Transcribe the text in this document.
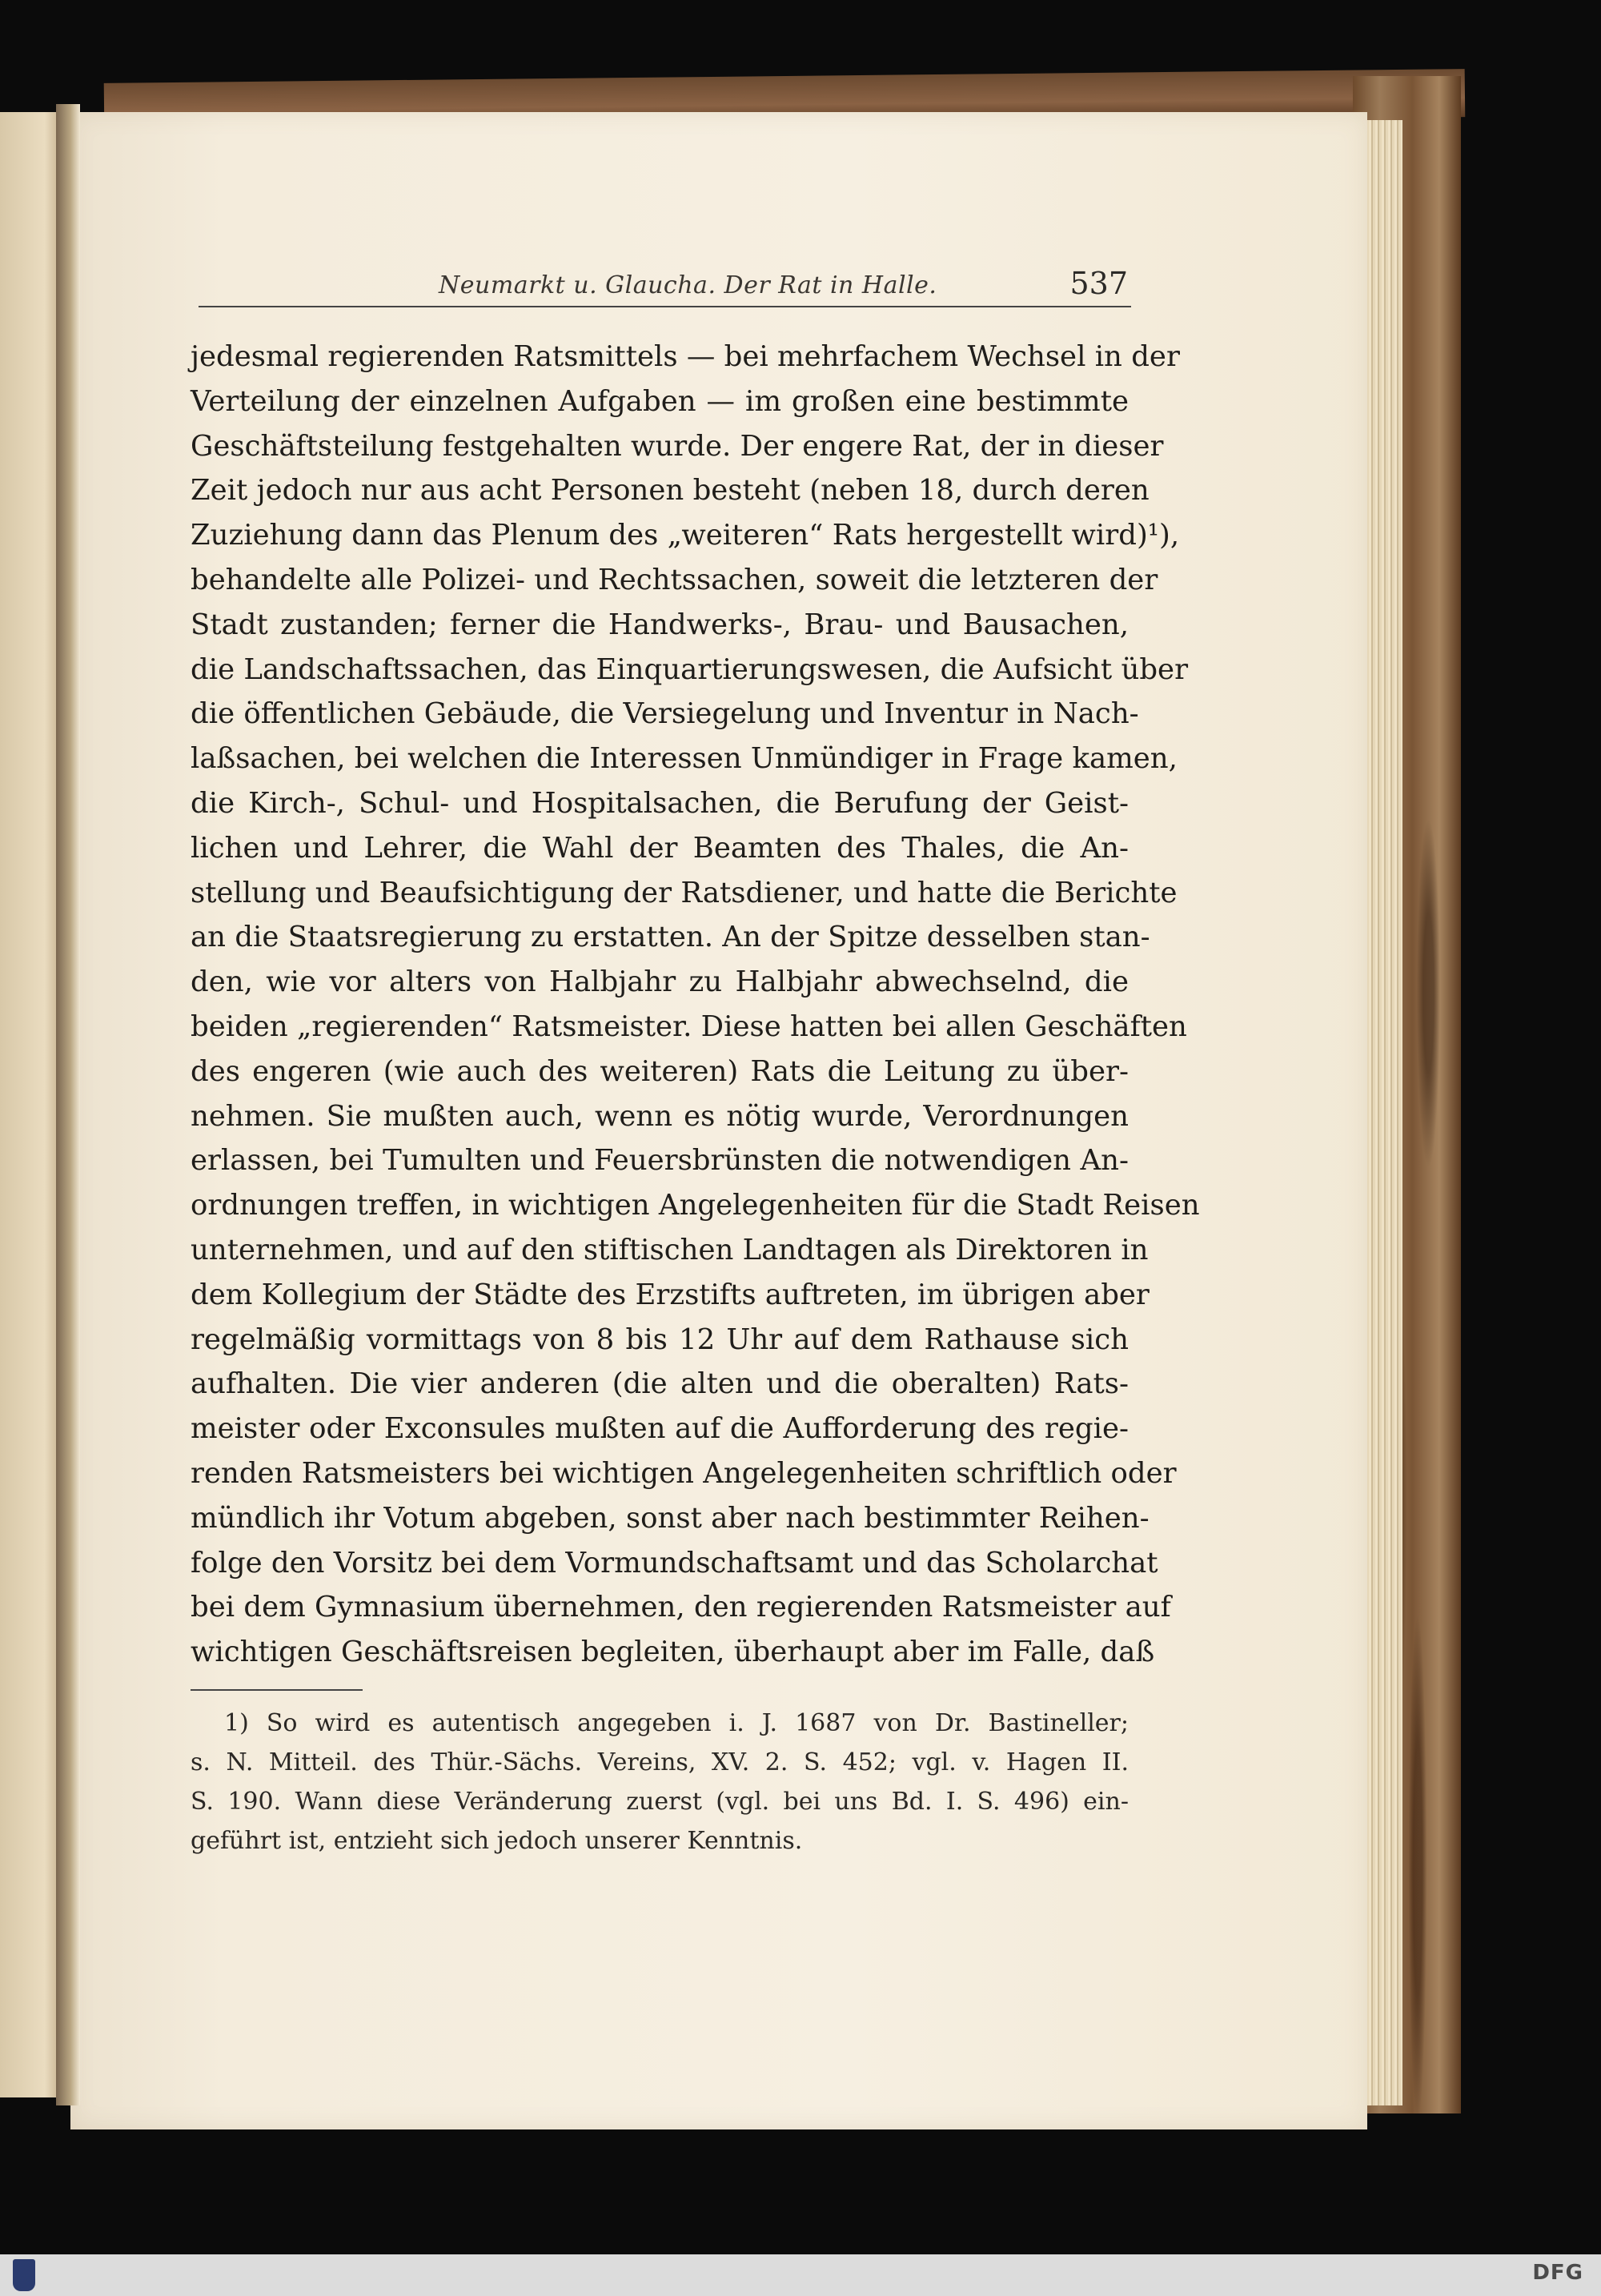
Neumarkt u. Glaucha. Der Rat in Halle.	537
jedesmal regierenden Ratsmittels — bei mehrfachem Wechsel in der
Verteilung der einzelnen Aufgaben — im großen eine bestimmte
Geschäftsteilung festgehalten wurde. Der engere Rat, der in dieser
Zeit jedoch nur aus acht Personen besteht (neben 18, durch deren
Zuziehung dann das Plenum des „weiteren“ Rats hergestellt wird)¹),
behandelte alle Polizei- und Rechtssachen, soweit die letzteren der
Stadt zustanden; ferner die Handwerks-, Brau- und Bausachen,
die Landschaftssachen, das Einquartierungswesen, die Aufsicht über
die öffentlichen Gebäude, die Versiegelung und Inventur in Nach-
laßsachen, bei welchen die Interessen Unmündiger in Frage kamen,
die Kirch-, Schul- und Hospitalsachen, die Berufung der Geist-
lichen und Lehrer, die Wahl der Beamten des Thales, die An-
stellung und Beaufsichtigung der Ratsdiener, und hatte die Berichte
an die Staatsregierung zu erstatten. An der Spitze desselben stan-
den, wie vor alters von Halbjahr zu Halbjahr abwechselnd, die
beiden „regierenden“ Ratsmeister. Diese hatten bei allen Geschäften
des engeren (wie auch des weiteren) Rats die Leitung zu über-
nehmen. Sie mußten auch, wenn es nötig wurde, Verordnungen
erlassen, bei Tumulten und Feuersbrünsten die notwendigen An-
ordnungen treffen, in wichtigen Angelegenheiten für die Stadt Reisen
unternehmen, und auf den stiftischen Landtagen als Direktoren in
dem Kollegium der Städte des Erzstifts auftreten, im übrigen aber
regelmäßig vormittags von 8 bis 12 Uhr auf dem Rathause sich
aufhalten. Die vier anderen (die alten und die oberalten) Rats-
meister oder Exconsules mußten auf die Aufforderung des regie-
renden Ratsmeisters bei wichtigen Angelegenheiten schriftlich oder
mündlich ihr Votum abgeben, sonst aber nach bestimmter Reihen-
folge den Vorsitz bei dem Vormundschaftsamt und das Scholarchat
bei dem Gymnasium übernehmen, den regierenden Ratsmeister auf
wichtigen Geschäftsreisen begleiten, überhaupt aber im Falle, daß
1) So wird es autentisch angegeben i. J. 1687 von Dr. Bastineller;
s. N. Mitteil. des Thür.-Sächs. Vereins, XV. 2. S. 452; vgl. v. Hagen II.
S. 190. Wann diese Veränderung zuerst (vgl. bei uns Bd. I. S. 496) ein-
geführt ist, entzieht sich jedoch unserer Kenntnis.
DFG
